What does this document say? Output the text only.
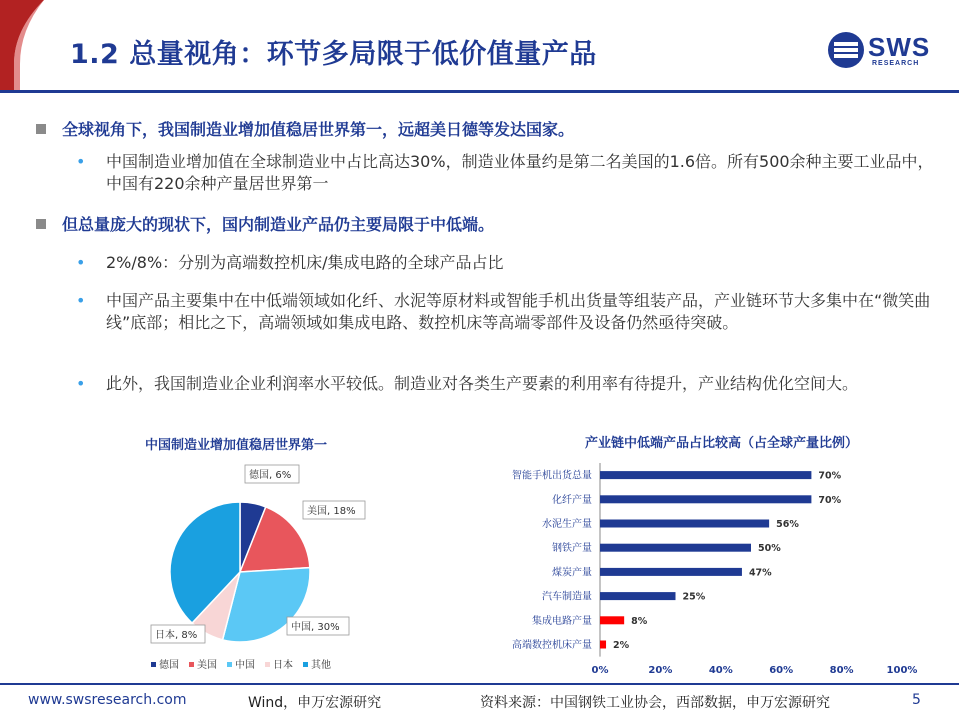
1.2 总量视角：环节多局限于低价值量产品	SWS
RESEARCH
全球视角下，我国制造业增加值稳居世界第一，远超美日德等发达国家。
• 中国制造业增加值在全球制造业中占比高达30%，制造业体量约是第二名美国的1.6倍。所有500余种主要工业品中，中国有220余种产量居世界第一
但总量庞大的现状下，国内制造业产品仍主要局限于中低端。
• 2%/8%：分别为高端数控机床/集成电路的全球产品占比
• 中国产品主要集中在中低端领域如化纤、水泥等原材料或智能手机出货量等组装产品，产业链环节大多集中在“微笑曲线”底部；相比之下，高端领域如集成电路、数控机床等高端零部件及设备仍然亟待突破。
• 此外，我国制造业企业利润率水平较低。制造业对各类生产要素的利用率有待提升，产业结构优化空间大。
中国制造业增加值稳居世界第一
德国, 6%
美国, 18%
中国, 30%
日本, 8%
德国 美国 中国 日本 其他
产业链中低端产品占比较高（占全球产量比例）
智能手机出货总量	70%
化纤产量	70%
水泥生产量	56%
钢铁产量	50%
煤炭产量	47%
汽车制造量	25%
集成电路产量	8%
高端数控机床产量 2%
0%	20%	40%	60%	80%	100%
www.swsresearch.com	Wind，申万宏源研究	资料来源：中国钢铁工业协会，西部数据，申万宏源研究	5
